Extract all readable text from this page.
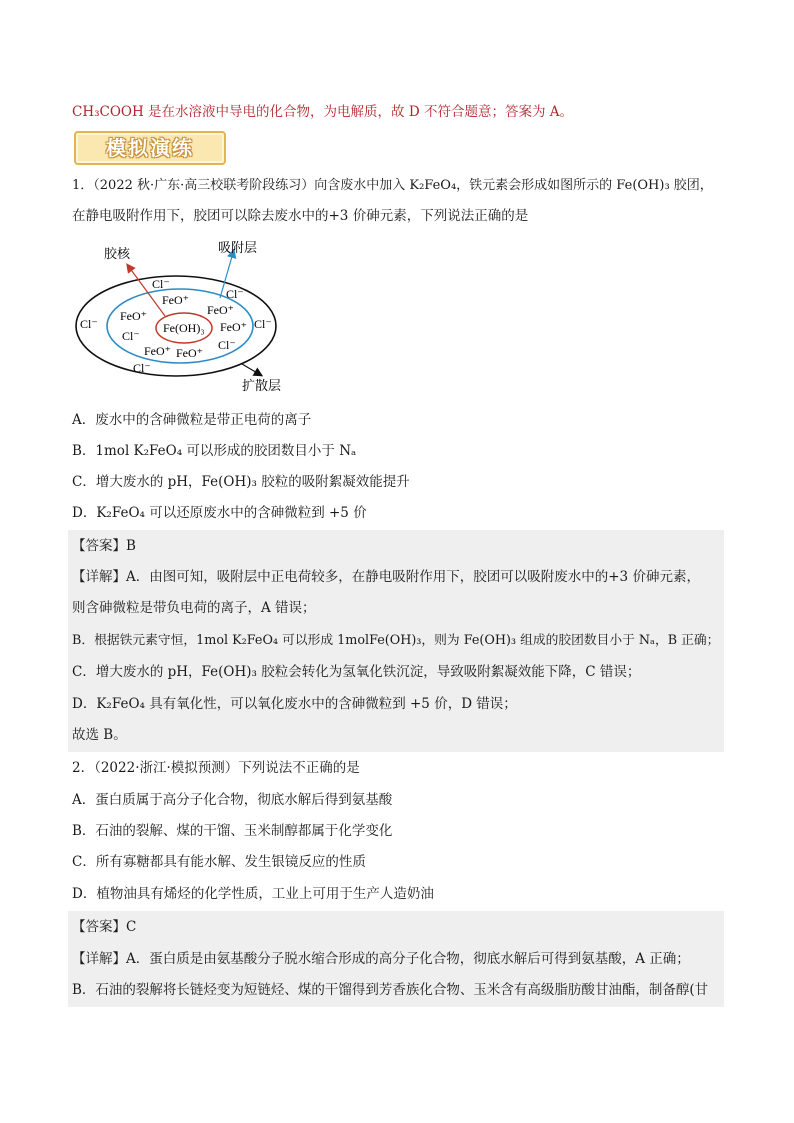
CH₃COOH 是在水溶液中导电的化合物，为电解质，故 D 不符合题意；答案为 A。
模拟演练
1．（2022 秋·广东·高三校联考阶段练习）向含废水中加入 K₂FeO₄，铁元素会形成如图所示的 Fe(OH)₃ 胶团，
在静电吸附作用下，胶团可以除去废水中的+3 价砷元素，下列说法正确的是
胶核	吸附层
扩散层
Fe(OH)₃
Cl⁻
FeO⁺
FeO⁺
Cl⁻
FeO⁺
Cl⁻
FeO⁺
Cl⁻
FeO⁺ FeO⁺
Cl⁻	Cl⁻
Cl⁻
A．废水中的含砷微粒是带正电荷的离子
B．1mol K₂FeO₄ 可以形成的胶团数目小于 Nₐ
C．增大废水的 pH，Fe(OH)₃ 胶粒的吸附絮凝效能提升
D．K₂FeO₄ 可以还原废水中的含砷微粒到 +5 价
【答案】B
【详解】A．由图可知，吸附层中正电荷较多，在静电吸附作用下，胶团可以吸附废水中的+3 价砷元素，
则含砷微粒是带负电荷的离子，A 错误；
B．根据铁元素守恒，1mol K₂FeO₄ 可以形成 1molFe(OH)₃，则为 Fe(OH)₃ 组成的胶团数目小于 Nₐ，B 正确；
C．增大废水的 pH，Fe(OH)₃ 胶粒会转化为氢氧化铁沉淀，导致吸附絮凝效能下降，C 错误；
D．K₂FeO₄ 具有氧化性，可以氧化废水中的含砷微粒到 +5 价，D 错误；
故选 B。
2．（2022·浙江·模拟预测）下列说法不正确的是
A．蛋白质属于高分子化合物，彻底水解后得到氨基酸
B．石油的裂解、煤的干馏、玉米制醇都属于化学变化
C．所有寡糖都具有能水解、发生银镜反应的性质
D．植物油具有烯烃的化学性质，工业上可用于生产人造奶油
【答案】C
【详解】A．蛋白质是由氨基酸分子脱水缩合形成的高分子化合物，彻底水解后可得到氨基酸，A 正确；
B．石油的裂解将长链烃变为短链烃、煤的干馏得到芳香族化合物、玉米含有高级脂肪酸甘油酯，制备醇(甘
